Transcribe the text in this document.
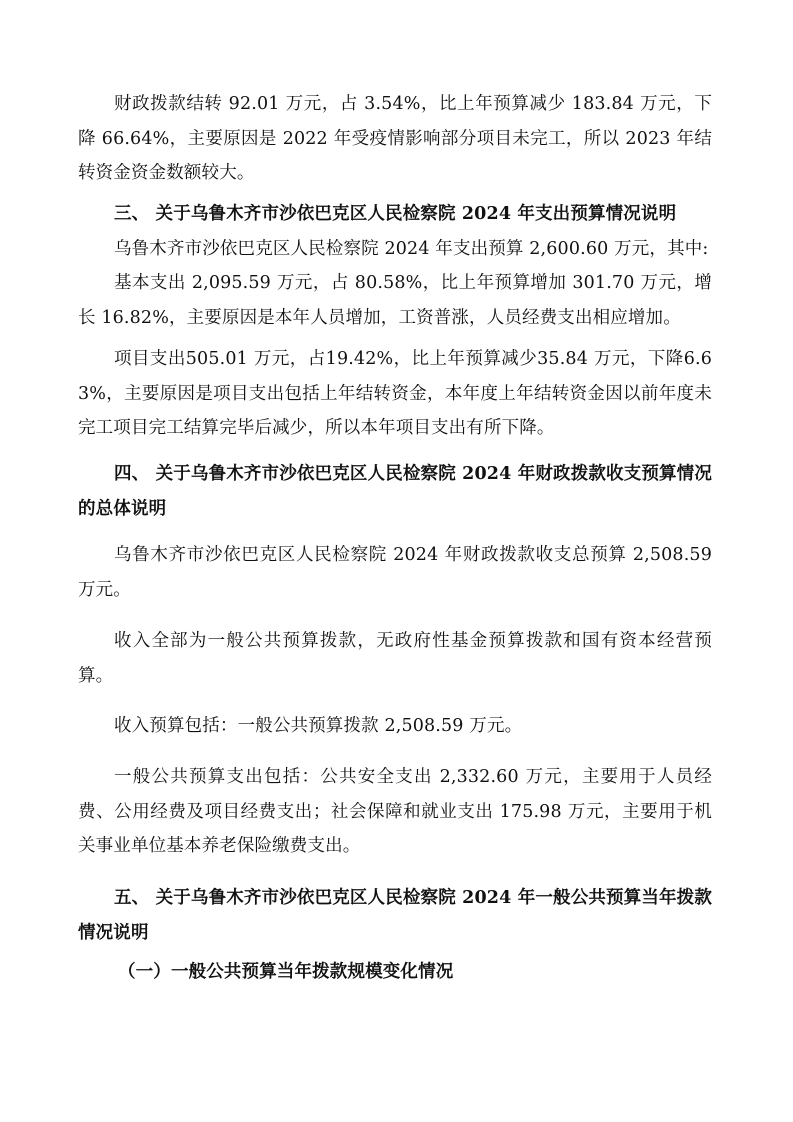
财政拨款结转 92.01 万元，占 3.54%，比上年预算减少 183.84 万元，下降 66.64%，主要原因是 2022 年受疫情影响部分项目未完工，所以 2023 年结转资金资金数额较大。

三、 关于乌鲁木齐市沙依巴克区人民检察院 2024 年支出预算情况说明

乌鲁木齐市沙依巴克区人民检察院 2024 年支出预算 2,600.60 万元，其中:

基本支出 2,095.59 万元，占 80.58%，比上年预算增加 301.70 万元，增长 16.82%，主要原因是本年人员增加，工资普涨，人员经费支出相应增加。

项目支出505.01 万元，占19.42%，比上年预算减少35.84 万元，下降6.63%，主要原因是项目支出包括上年结转资金，本年度上年结转资金因以前年度未完工项目完工结算完毕后减少，所以本年项目支出有所下降。

四、 关于乌鲁木齐市沙依巴克区人民检察院 2024 年财政拨款收支预算情况的总体说明

乌鲁木齐市沙依巴克区人民检察院 2024 年财政拨款收支总预算 2,508.59 万元。

收入全部为一般公共预算拨款，无政府性基金预算拨款和国有资本经营预算。

收入预算包括：一般公共预算拨款 2,508.59 万元。

一般公共预算支出包括：公共安全支出 2,332.60 万元，主要用于人员经费、公用经费及项目经费支出；社会保障和就业支出 175.98 万元，主要用于机关事业单位基本养老保险缴费支出。

五、 关于乌鲁木齐市沙依巴克区人民检察院 2024 年一般公共预算当年拨款情况说明

（一）一般公共预算当年拨款规模变化情况
